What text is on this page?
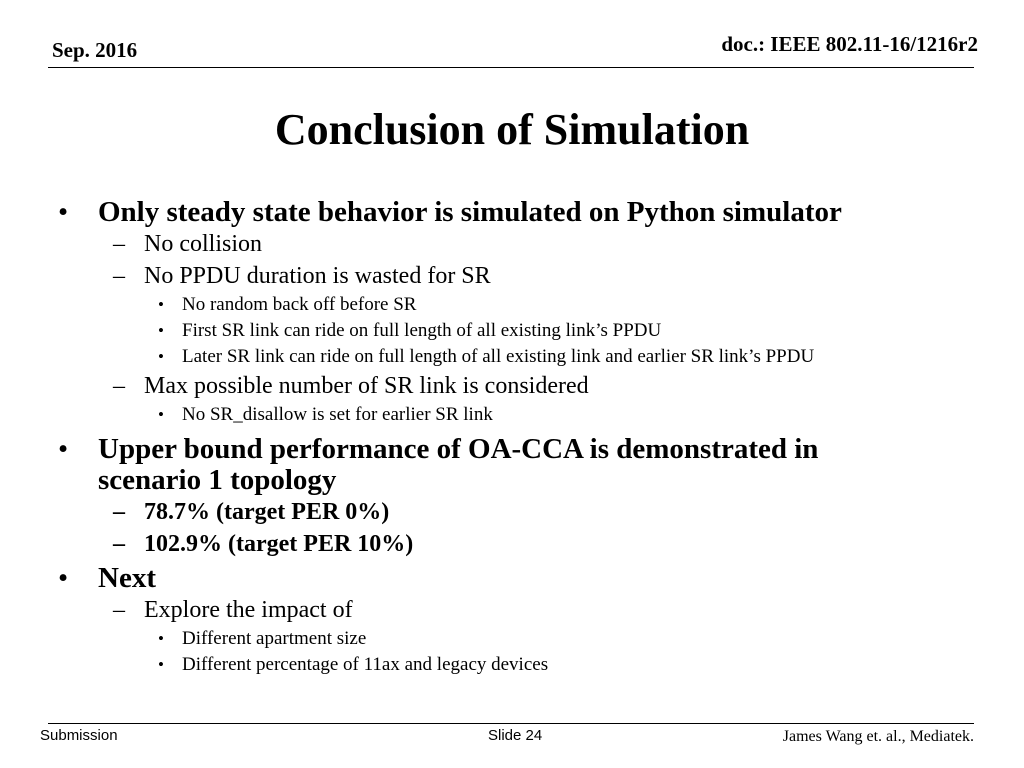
Sep. 2016	doc.: IEEE 802.11-16/1216r2
Conclusion of Simulation
• Only steady state behavior is simulated on Python simulator
– No collision
– No PPDU duration is wasted for SR
• No random back off before SR
• First SR link can ride on full length of all existing link’s PPDU
• Later SR link can ride on full length of all existing link and earlier SR link’s PPDU
– Max possible number of SR link is considered
• No SR_disallow is set for earlier SR link
• Upper bound performance of OA-CCA is demonstrated in scenario 1 topology
– 78.7% (target PER 0%)
– 102.9% (target PER 10%)
• Next
– Explore the impact of
• Different apartment size
• Different percentage of 11ax and legacy devices
Submission	Slide 24	James Wang et. al., Mediatek.
